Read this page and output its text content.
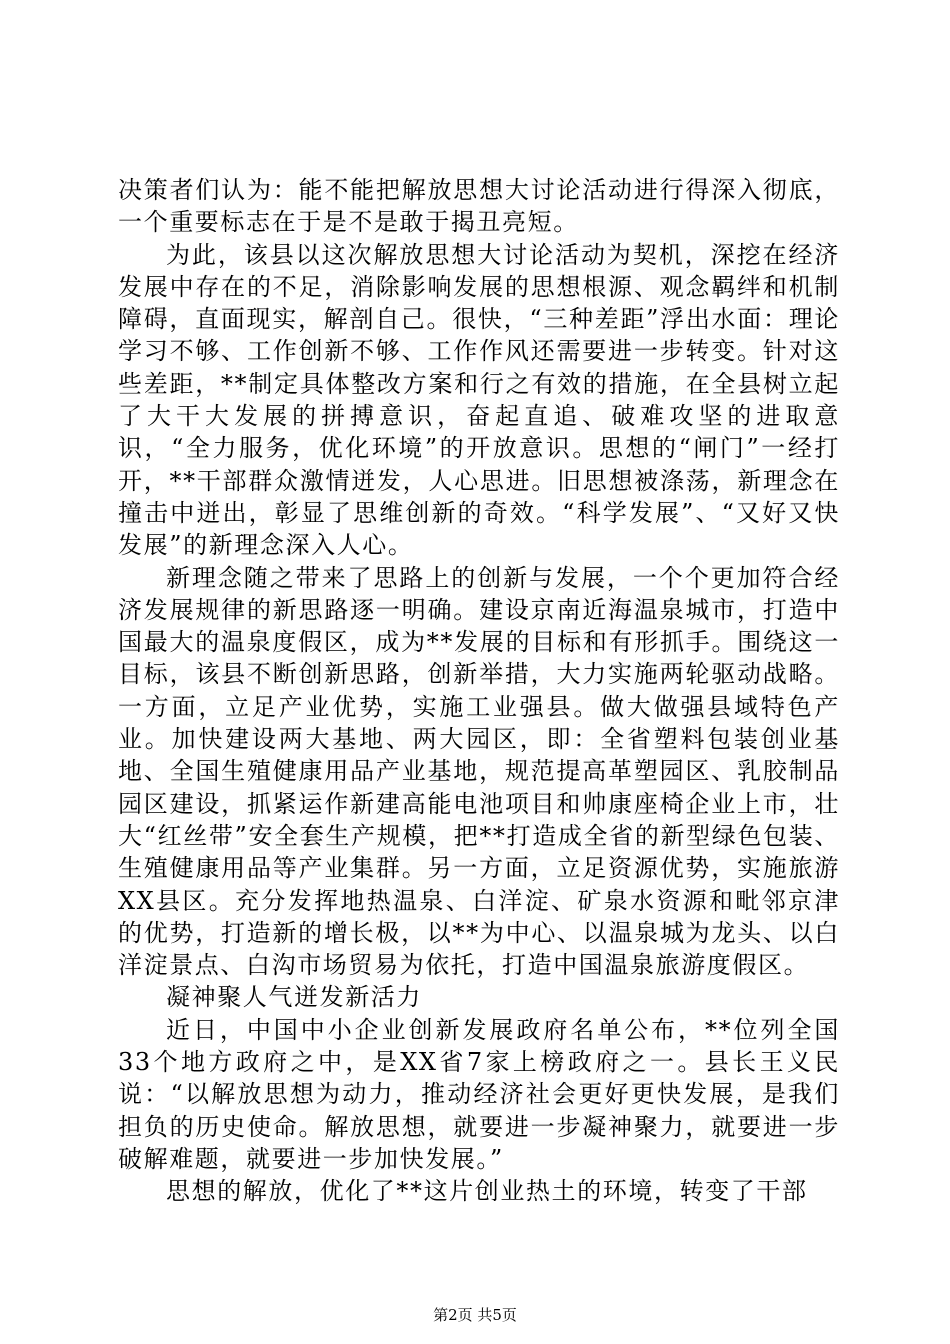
决策者们认为：能不能把解放思想大讨论活动进行得深入彻底，一个重要标志在于是不是敢于揭丑亮短。

为此，该县以这次解放思想大讨论活动为契机，深挖在经济发展中存在的不足，消除影响发展的思想根源、观念羁绊和机制障碍，直面现实，解剖自己。很快，“三种差距”浮出水面：理论学习不够、工作创新不够、工作作风还需要进一步转变。针对这些差距，**制定具体整改方案和行之有效的措施，在全县树立起了大干大发展的拼搏意识，奋起直追、破难攻坚的进取意识，“全力服务，优化环境”的开放意识。思想的“闸门”一经打开，**干部群众激情迸发，人心思进。旧思想被涤荡，新理念在撞击中迸出，彰显了思维创新的奇效。“科学发展”、“又好又快发展”的新理念深入人心。

新理念随之带来了思路上的创新与发展，一个个更加符合经济发展规律的新思路逐一明确。建设京南近海温泉城市，打造中国最大的温泉度假区，成为**发展的目标和有形抓手。围绕这一目标，该县不断创新思路，创新举措，大力实施两轮驱动战略。一方面，立足产业优势，实施工业强县。做大做强县域特色产业。加快建设两大基地、两大园区，即：全省塑料包装创业基地、全国生殖健康用品产业基地，规范提高革塑园区、乳胶制品园区建设，抓紧运作新建高能电池项目和帅康座椅企业上市，壮大“红丝带”安全套生产规模，把**打造成全省的新型绿色包装、生殖健康用品等产业集群。另一方面，立足资源优势，实施旅游XX县区。充分发挥地热温泉、白洋淀、矿泉水资源和毗邻京津的优势，打造新的增长极，以**为中心、以温泉城为龙头、以白洋淀景点、白沟市场贸易为依托，打造中国温泉旅游度假区。

凝神聚人气迸发新活力

近日，中国中小企业创新发展政府名单公布，**位列全国33个地方政府之中，是XX省7家上榜政府之一。县长王义民说：“以解放思想为动力，推动经济社会更好更快发展，是我们担负的历史使命。解放思想，就要进一步凝神聚力，就要进一步破解难题，就要进一步加快发展。”

思想的解放，优化了**这片创业热土的环境，转变了干部

第2页 共5页
